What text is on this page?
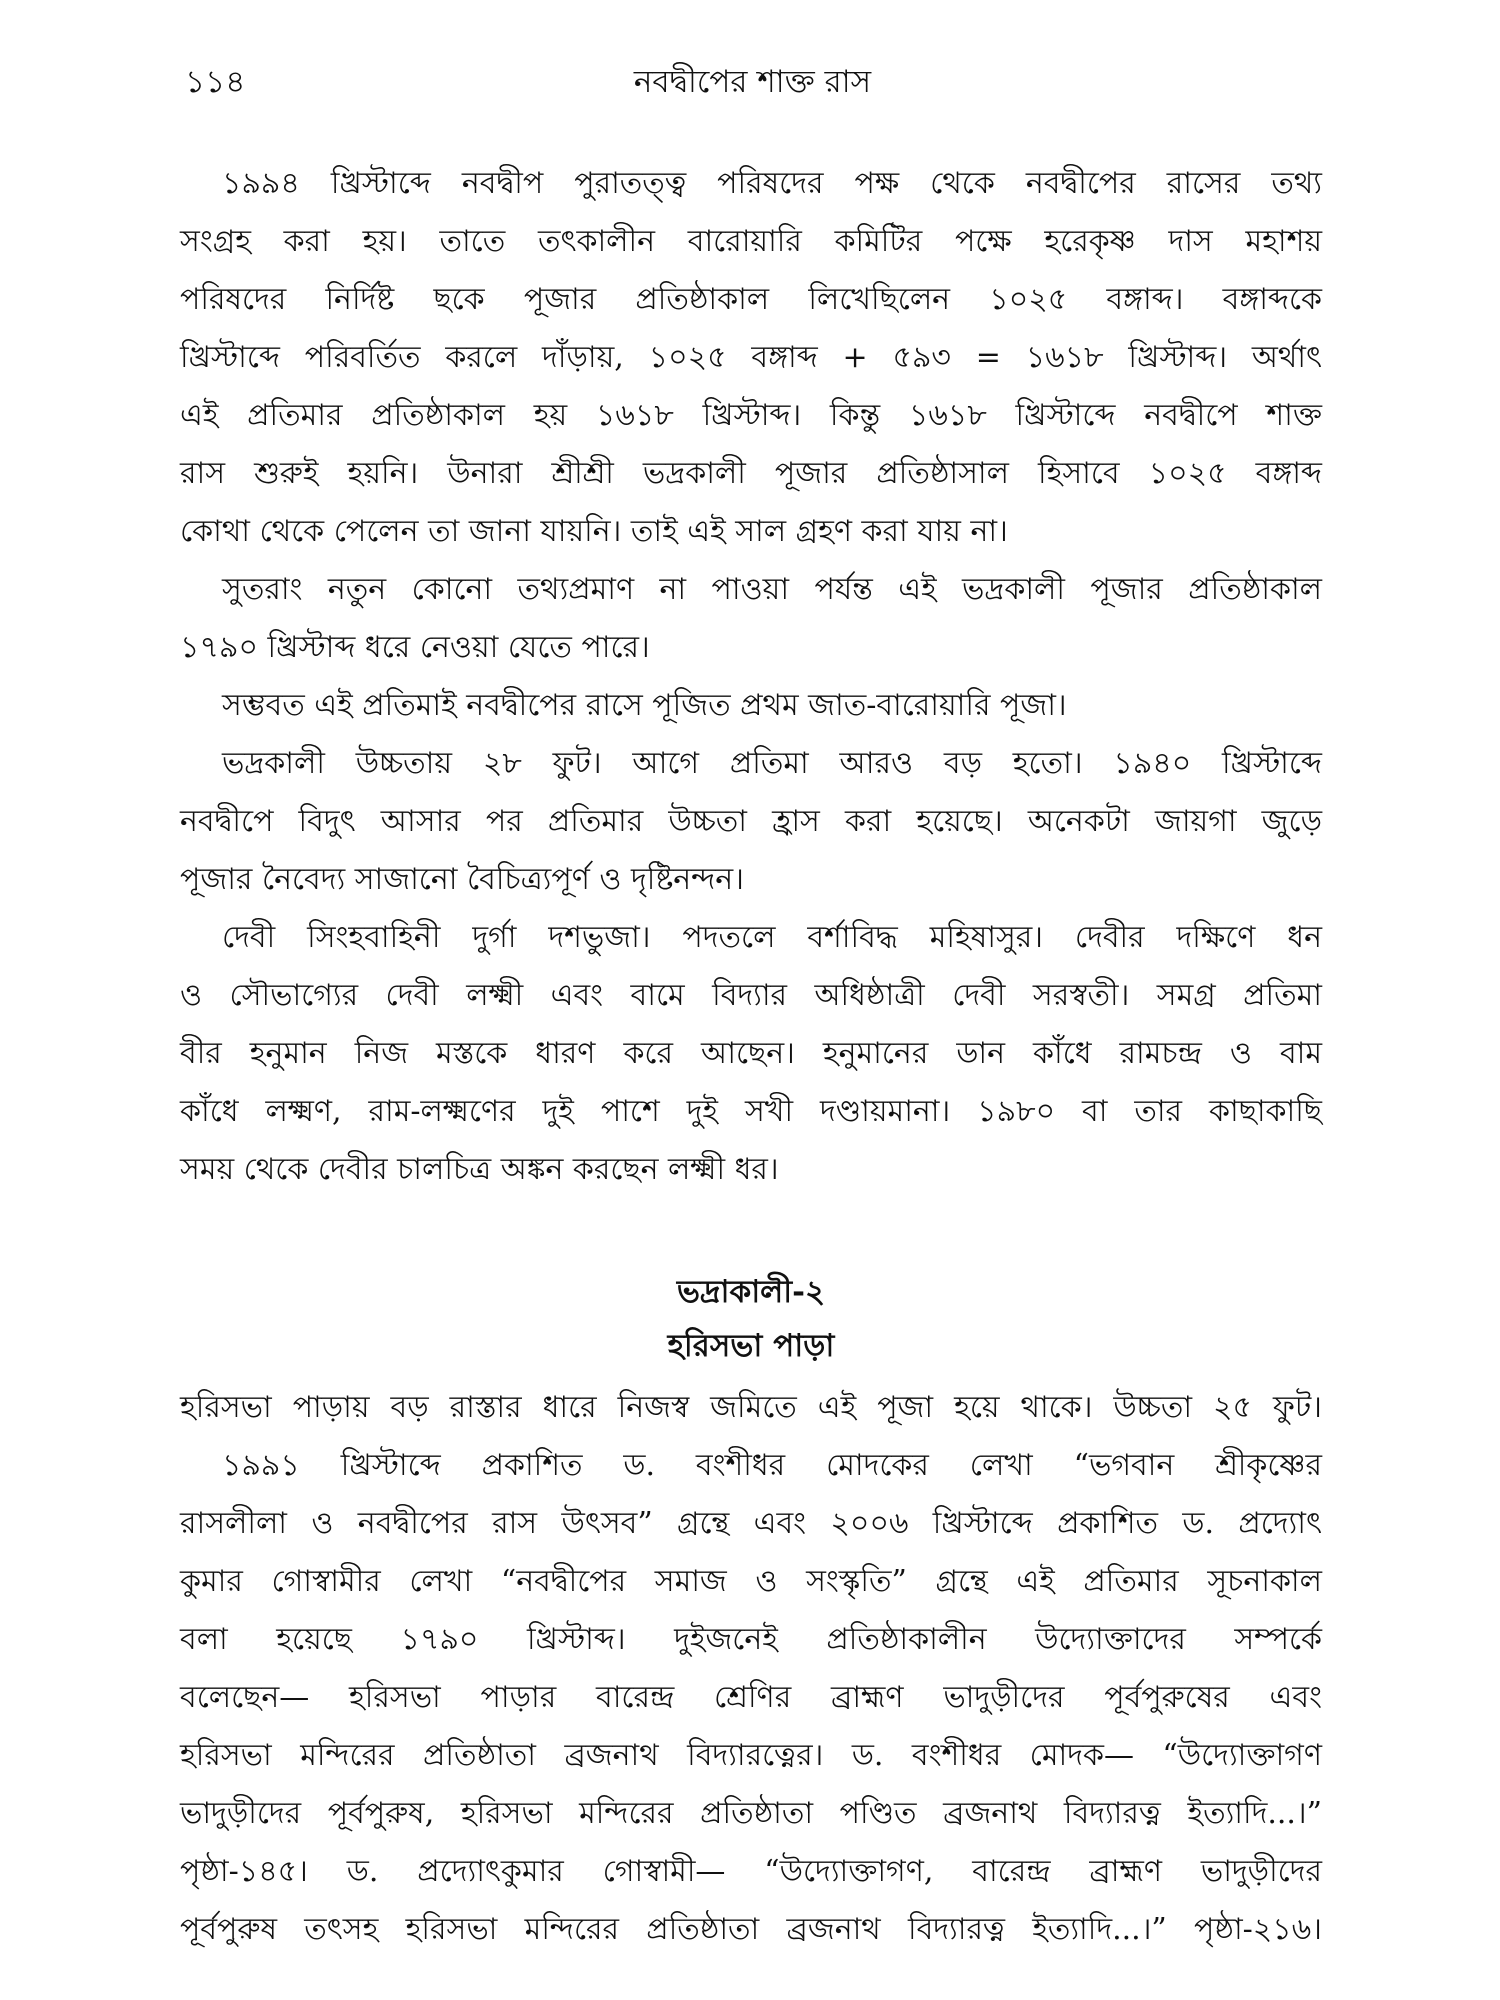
১১৪	নবদ্বীপের শাক্ত রাস
১৯৯৪ খ্রিস্টাব্দে নবদ্বীপ পুরাতত্ত্ব পরিষদের পক্ষ থেকে নবদ্বীপের রাসের তথ্য
সংগ্রহ করা হয়। তাতে তৎকালীন বারোয়ারি কমিটির পক্ষে হরেকৃষ্ণ দাস মহাশয়
পরিষদের নির্দিষ্ট ছকে পূজার প্রতিষ্ঠাকাল লিখেছিলেন ১০২৫ বঙ্গাব্দ। বঙ্গাব্দকে
খ্রিস্টাব্দে পরিবর্তিত করলে দাঁড়ায়, ১০২৫ বঙ্গাব্দ + ৫৯৩ = ১৬১৮ খ্রিস্টাব্দ। অর্থাৎ
এই প্রতিমার প্রতিষ্ঠাকাল হয় ১৬১৮ খ্রিস্টাব্দ। কিন্তু ১৬১৮ খ্রিস্টাব্দে নবদ্বীপে শাক্ত
রাস শুরুই হয়নি। উনারা শ্রীশ্রী ভদ্রকালী পূজার প্রতিষ্ঠাসাল হিসাবে ১০২৫ বঙ্গাব্দ
কোথা থেকে পেলেন তা জানা যায়নি। তাই এই সাল গ্রহণ করা যায় না।
সুতরাং নতুন কোনো তথ্যপ্রমাণ না পাওয়া পর্যন্ত এই ভদ্রকালী পূজার প্রতিষ্ঠাকাল
১৭৯০ খ্রিস্টাব্দ ধরে নেওয়া যেতে পারে।
সম্ভবত এই প্রতিমাই নবদ্বীপের রাসে পূজিত প্রথম জাত-বারোয়ারি পূজা।
ভদ্রকালী উচ্চতায় ২৮ ফুট। আগে প্রতিমা আরও বড় হতো। ১৯৪০ খ্রিস্টাব্দে
নবদ্বীপে বিদুৎ আসার পর প্রতিমার উচ্চতা হ্রাস করা হয়েছে। অনেকটা জায়গা জুড়ে
পূজার নৈবেদ্য সাজানো বৈচিত্র্যপূর্ণ ও দৃষ্টিনন্দন।
দেবী সিংহবাহিনী দুর্গা দশভুজা। পদতলে বর্শাবিদ্ধ মহিষাসুর। দেবীর দক্ষিণে ধন
ও সৌভাগ্যের দেবী লক্ষ্মী এবং বামে বিদ্যার অধিষ্ঠাত্রী দেবী সরস্বতী। সমগ্র প্রতিমা
বীর হনুমান নিজ মস্তকে ধারণ করে আছেন। হনুমানের ডান কাঁধে রামচন্দ্র ও বাম
কাঁধে লক্ষ্মণ, রাম-লক্ষ্মণের দুই পাশে দুই সখী দণ্ডায়মানা। ১৯৮০ বা তার কাছাকাছি
সময় থেকে দেবীর চালচিত্র অঙ্কন করছেন লক্ষ্মী ধর।
ভদ্রাকালী-২
হরিসভা পাড়া
হরিসভা পাড়ায় বড় রাস্তার ধারে নিজস্ব জমিতে এই পূজা হয়ে থাকে। উচ্চতা ২৫ ফুট।
১৯৯১ খ্রিস্টাব্দে প্রকাশিত ড. বংশীধর মোদকের লেখা “ভগবান শ্রীকৃষ্ণের
রাসলীলা ও নবদ্বীপের রাস উৎসব” গ্রন্থে এবং ২০০৬ খ্রিস্টাব্দে প্রকাশিত ড. প্রদ্যোৎ
কুমার গোস্বামীর লেখা “নবদ্বীপের সমাজ ও সংস্কৃতি” গ্রন্থে এই প্রতিমার সূচনাকাল
বলা হয়েছে ১৭৯০ খ্রিস্টাব্দ। দুইজনেই প্রতিষ্ঠাকালীন উদ্যোক্তাদের সম্পর্কে
বলেছেন— হরিসভা পাড়ার বারেন্দ্র শ্রেণির ব্রাহ্মণ ভাদুড়ীদের পূর্বপুরুষের এবং
হরিসভা মন্দিরের প্রতিষ্ঠাতা ব্রজনাথ বিদ্যারত্নের। ড. বংশীধর মোদক— “উদ্যোক্তাগণ
ভাদুড়ীদের পূর্বপুরুষ, হরিসভা মন্দিরের প্রতিষ্ঠাতা পণ্ডিত ব্রজনাথ বিদ্যারত্ন ইত্যাদি...।”
পৃষ্ঠা-১৪৫। ড. প্রদ্যোৎকুমার গোস্বামী— “উদ্যোক্তাগণ, বারেন্দ্র ব্রাহ্মণ ভাদুড়ীদের
পূর্বপুরুষ তৎসহ হরিসভা মন্দিরের প্রতিষ্ঠাতা ব্রজনাথ বিদ্যারত্ন ইত্যাদি...।” পৃষ্ঠা-২১৬।
